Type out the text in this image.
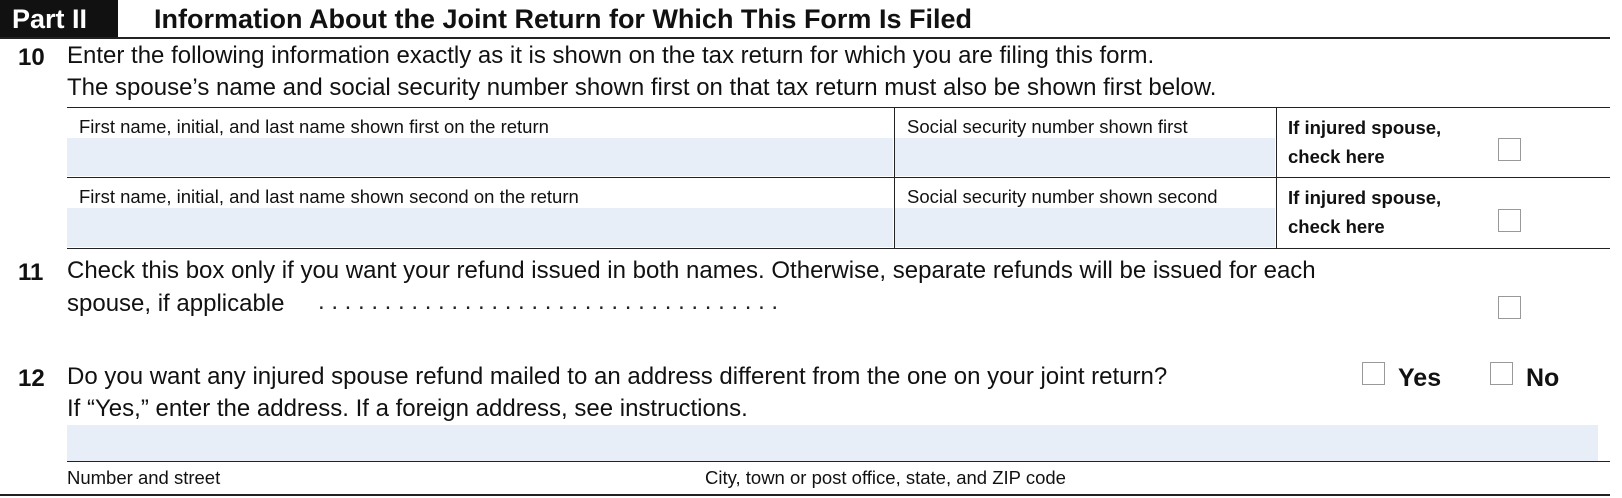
Part II	Information About the Joint Return for Which This Form Is Filed
10 Enter the following information exactly as it is shown on the tax return for which you are filing this form.
The spouse’s name and social security number shown first on that tax return must also be shown first below.
First name, initial, and last name shown first on the return	Social security number shown first	If injured spouse,
check here
First name, initial, and last name shown second on the return	Social security number shown second	If injured spouse,
check here
11 Check this box only if you want your refund issued in both names. Otherwise, separate refunds will be issued for each
spouse, if applicable . . . . . . . . . . . . . . . . . . . . . . . . . . . . . . . . . . .
12 Do you want any injured spouse refund mailed to an address different from the one on your joint return?
If “Yes,” enter the address. If a foreign address, see instructions.
Yes	No
Number and street	City, town or post office, state, and ZIP code
